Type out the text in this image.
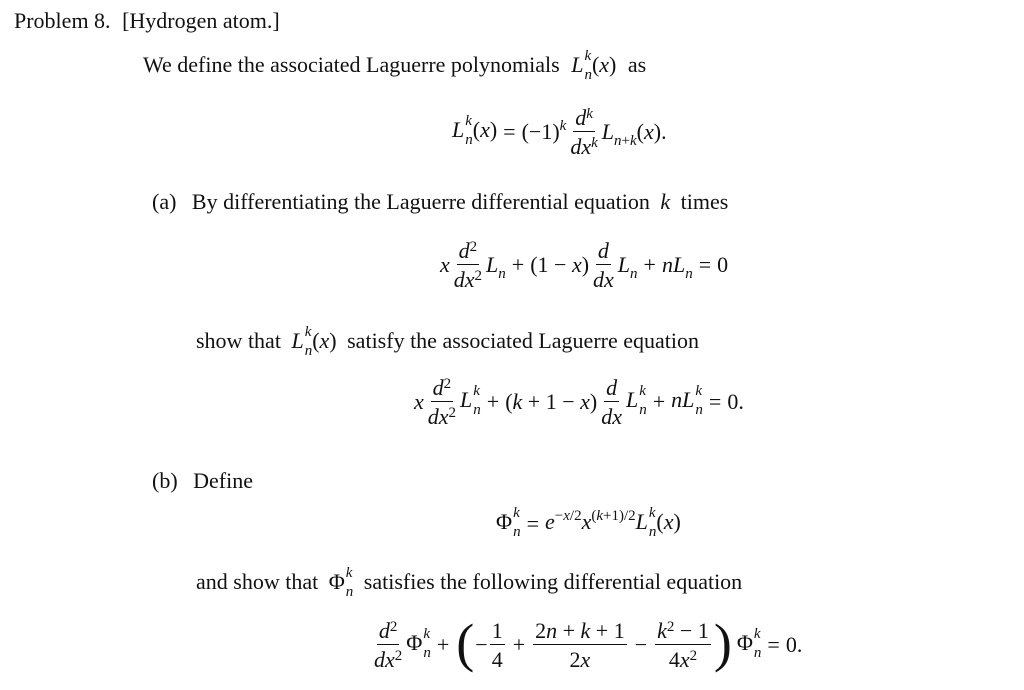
Problem 8. [Hydrogen atom.]
We define the associated Laguerre polynomials L k
n (x) as
L k
n $(x) = (-1)^k \frac{d^k}{dx^k} L_{n+k}(x)$.
(a) By differentiating the Laguerre differential equation k times
x $\frac{d^2}{dx^2} L_n + (1 - x) \frac{d}{dx} L_n + nL_n = 0$
show that L k
n (x) satisfy the associated Laguerre equation
x $\frac{d^2}{dx^2}$ L k
$n + (k + 1 - x) \frac{d}{dx}$ L k
n + nL k
n = 0.
(b) Define
Φ k
$n = e^{-x/2}x^{(k+1)/2}L$ k
n (x)
and show that Φ k
n satisfies the following differential equation
$\frac{d^2}{dx^2}$ Φ k
n + ( − $\frac{1}{4} + \frac{2n + k + 1}{2x} - \frac{k^2 - 1}{4x^2}$ ) Φ k
n = 0.
